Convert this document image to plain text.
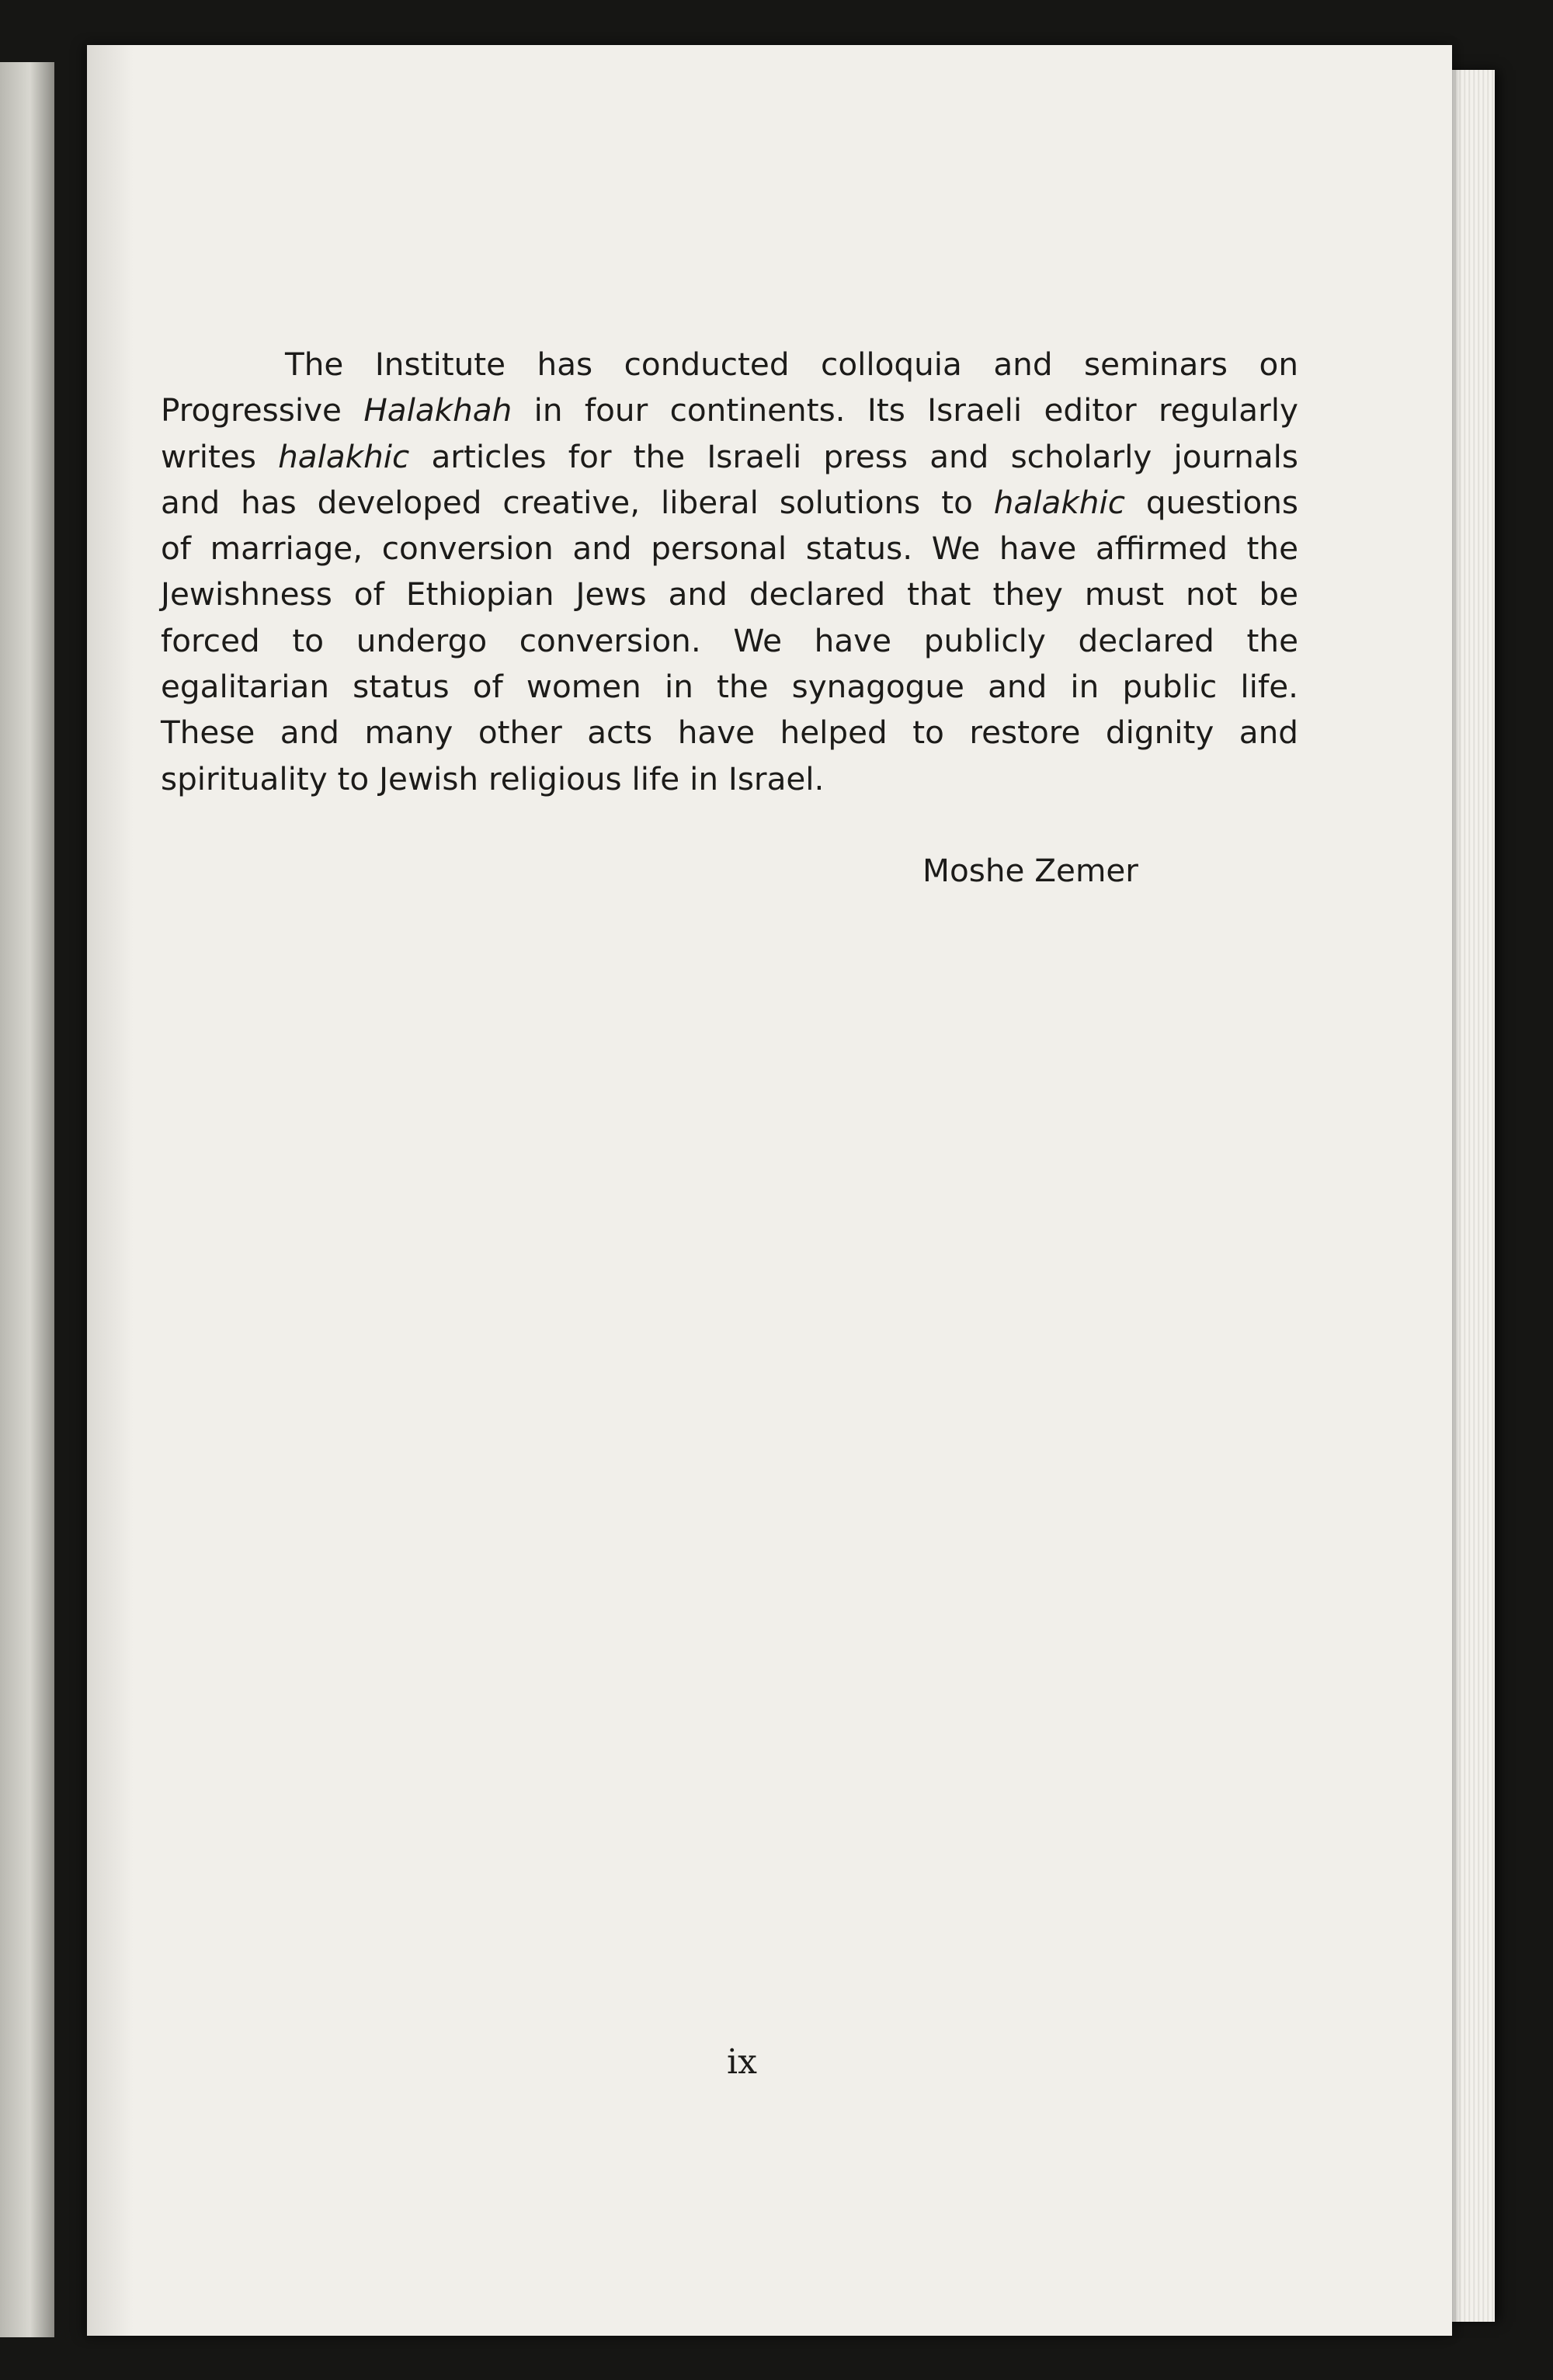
The Institute has conducted colloquia and seminars on
Progressive Halakhah in four continents. Its Israeli editor regularly
writes halakhic articles for the Israeli press and scholarly journals
and has developed creative, liberal solutions to halakhic questions
of marriage, conversion and personal status. We have affirmed the
Jewishness of Ethiopian Jews and declared that they must not be
forced to undergo conversion. We have publicly declared the
egalitarian status of women in the synagogue and in public life.
These and many other acts have helped to restore dignity and
spirituality to Jewish religious life in Israel.
Moshe Zemer
ix
